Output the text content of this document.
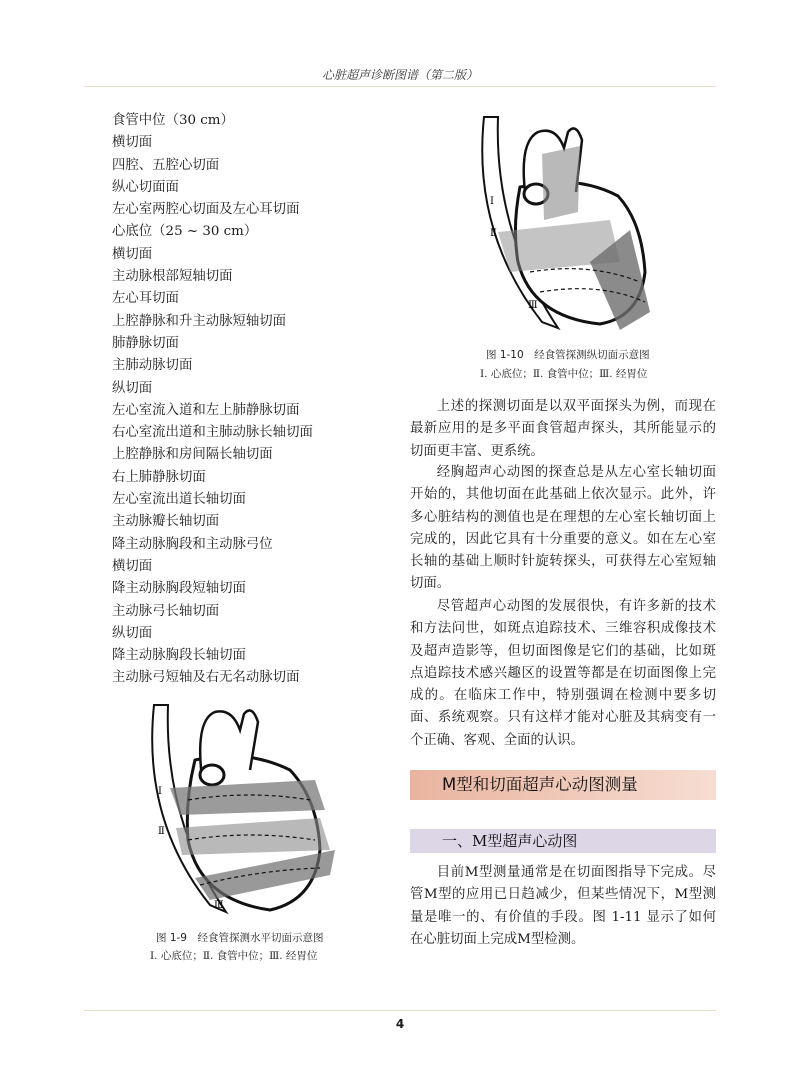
心脏超声诊断图谱（第二版）
食管中位（30 cm）
横切面
四腔、五腔心切面
纵心切面面
左心室两腔心切面及左心耳切面
心底位（25 ~ 30 cm）
横切面
主动脉根部短轴切面
左心耳切面
上腔静脉和升主动脉短轴切面
肺静脉切面
主肺动脉切面
纵切面
左心室流入道和左上肺静脉切面
右心室流出道和主肺动脉长轴切面
上腔静脉和房间隔长轴切面
右上肺静脉切面
左心室流出道长轴切面
主动脉瓣长轴切面
降主动脉胸段和主动脉弓位
横切面
降主动脉胸段短轴切面
主动脉弓长轴切面
纵切面
降主动脉胸段长轴切面
主动脉弓短轴及右无名动脉切面
Ⅰ
Ⅱ
Ⅲ
图 1-9　经食管探测水平切面示意图
Ⅰ. 心底位；Ⅱ. 食管中位；Ⅲ. 经胃位
Ⅰ
Ⅱ
Ⅲ
图 1-10　经食管探测纵切面示意图
Ⅰ. 心底位；Ⅱ. 食管中位；Ⅲ. 经胃位

上述的探测切面是以双平面探头为例，而现在最新应用的是多平面食管超声探头，其所能显示的切面更丰富、更系统。

经胸超声心动图的探查总是从左心室长轴切面开始的，其他切面在此基础上依次显示。此外，许多心脏结构的测值也是在理想的左心室长轴切面上完成的，因此它具有十分重要的意义。如在左心室长轴的基础上顺时针旋转探头，可获得左心室短轴切面。

尽管超声心动图的发展很快，有许多新的技术和方法问世，如斑点追踪技术、三维容积成像技术及超声造影等，但切面图像是它们的基础，比如斑点追踪技术感兴趣区的设置等都是在切面图像上完成的。在临床工作中，特别强调在检测中要多切面、系统观察。只有这样才能对心脏及其病变有一个正确、客观、全面的认识。

M型和切面超声心动图测量
一、M型超声心动图

目前M型测量通常是在切面图指导下完成。尽管M型的应用已日趋减少，但某些情况下，M型测量是唯一的、有价值的手段。图 1-11 显示了如何在心脏切面上完成M型检测。

4
